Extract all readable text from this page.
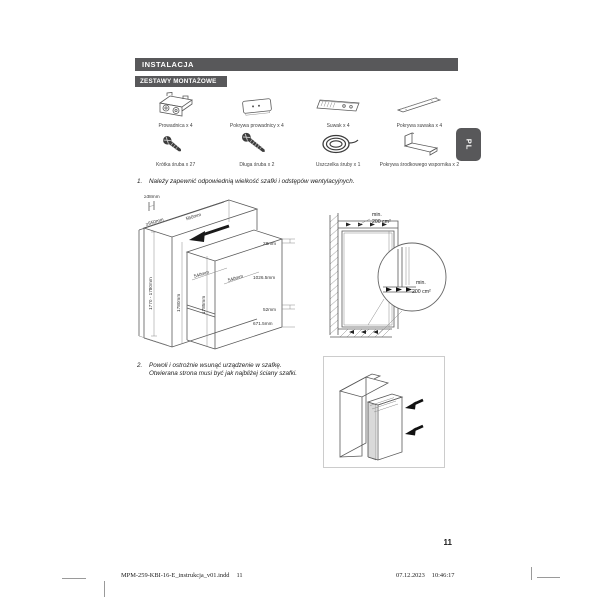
INSTALACJA
ZESTAWY MONTAŻOWE
PL
Prowadnica x 4	Pokrywa prowadnicy x 4	Suwak x 4	Pokrywa suwaka x 4
Krótka śruba x 27	Długa śruba x 2	Uszczelka śruby x 1	Pokrywa środkowego wspornika x 2
1. Należy zapewnić odpowiednią wielkość szafki i odstępów wentylacyjnych.
≥38mm
≥550mm
560mm
540mm	540mm
1770 - 1780mm	1780mm	1785mm
28mm
1026.5mm
52mm
671.5mm
min.
200 cm²
min.
200 cm²
2. Powoli i ostrożnie wsunąć urządzenie w szafkę.
Otwierana strona musi być jak najbliżej ściany szafki.
11
MPM-259-KBI-16-E_instrukcja_v01.indd 11	07.12.2023 10:46:17
